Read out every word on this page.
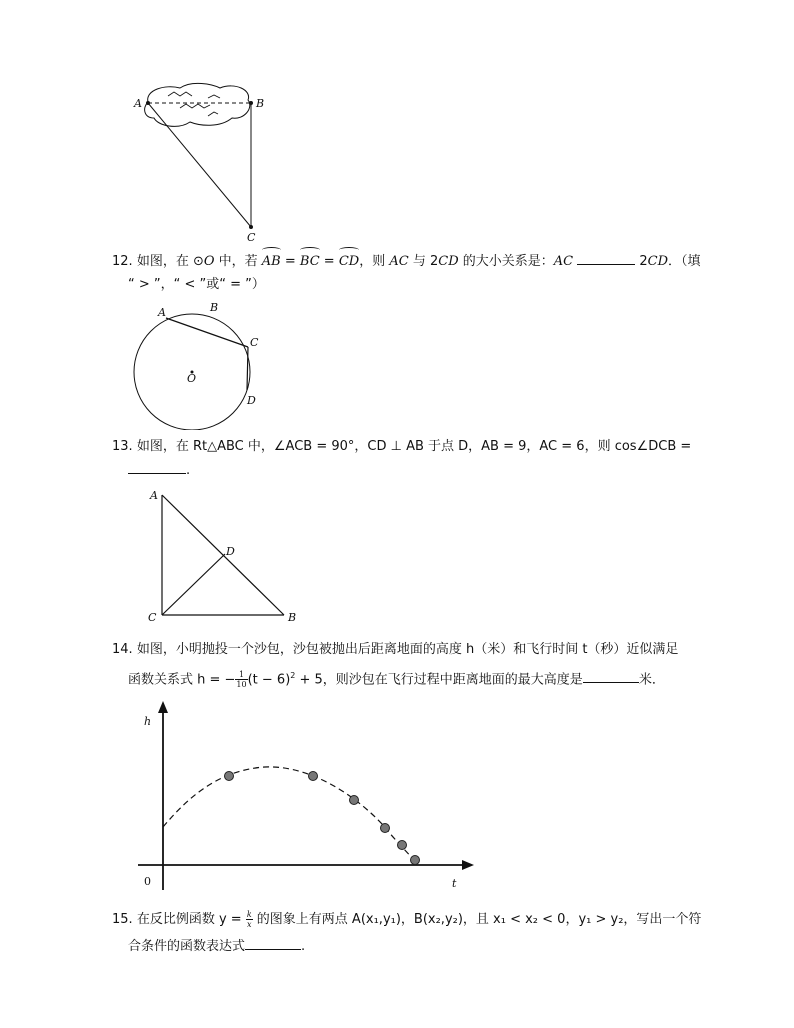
A	B
C
12. 如图，在 ⊙O 中，若 AB = BC = CD，则 AC 与 2CD 的大小关系是：AC	2CD．（填
“ > ”，“ < ”或“ = ”）
A	B
C
O
D
13. 如图，在 Rt△ABC 中，∠ACB = 90°，CD ⊥ AB 于点 D，AB = 9，AC = 6，则 cos∠DCB =
.
A
D
C	B
14. 如图，小明抛投一个沙包，沙包被抛出后距离地面的高度 h（米）和飞行时间 t（秒）近似满足
函数关系式 h = − $\frac{1}{10} (t - 6)^2 + 5$，则沙包在飞行过程中距离地面的最大高度是	米．
h
t
0
15. 在反比例函数 $y = \frac{k}{x}$ 的图象上有两点 A(x₁,y₁)，B(x₂,y₂)，且 x₁ < x₂ < 0，y₁ > y₂，写出一个符
合条件的函数表达式	.
